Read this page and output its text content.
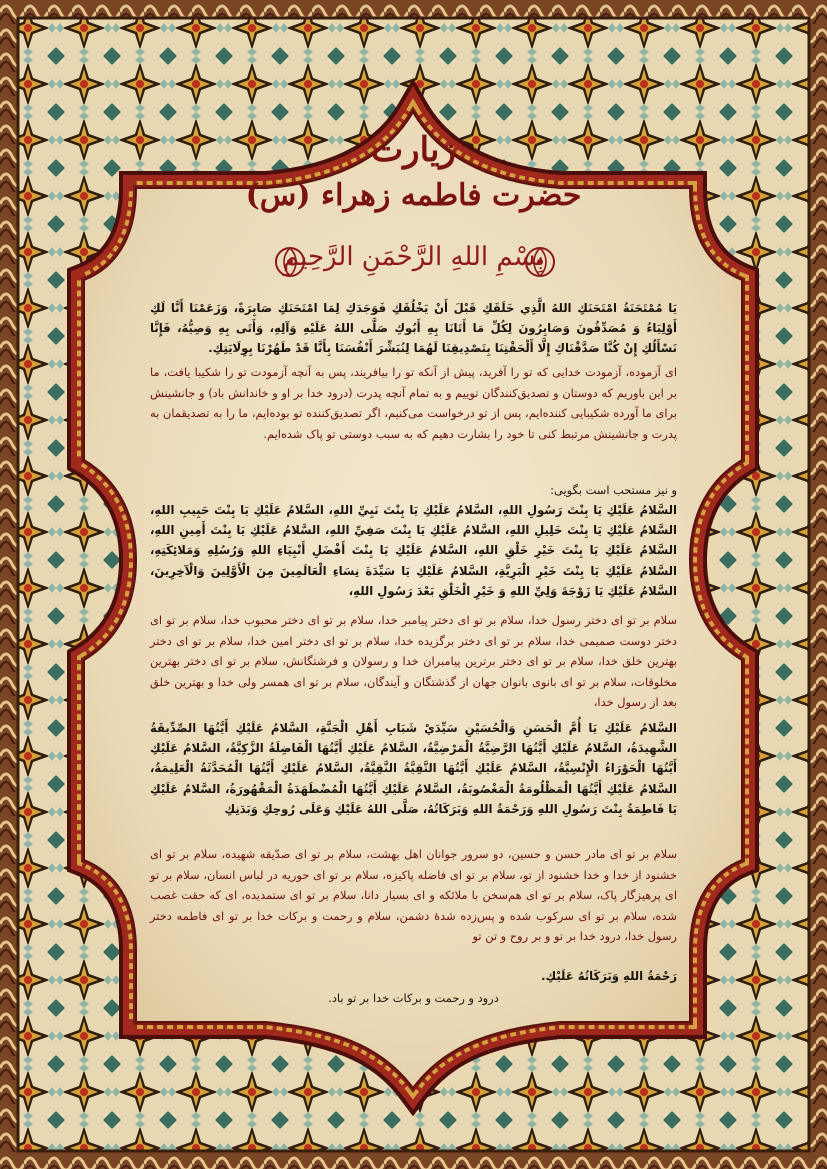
زیارت
حضرت فاطمه زهراء (س)
بِسْمِ اللهِ الرَّحْمَنِ الرَّحِيمِ
يَا مُمْتَحَنَةُ امْتَحَنَكِ اللهُ الَّذِي خَلَقَكِ قَبْلَ أَنْ يَخْلُقَكِ فَوَجَدَكِ لِمَا امْتَحَنَكِ صَابِرَةً، وَزَعَمْنَا أَنَّا لَكِ أَوْلِيَاءُ وَ مُصَدِّقُونَ وَصَابِرُونَ لِكُلِّ مَا أَتَانَا بِهِ أَبُوكِ صَلَّى اللهُ عَلَيْهِ وَآلِهِ، وَأَتَى بِهِ وَصِيُّهُ، فَإِنَّا نَسْأَلُكِ إِنْ كُنَّا صَدَّقْنَاكِ إِلَّا أَلْحَقْتِنَا بِتَصْدِيقِنَا لَهُمَا لِنُبَشِّرَ أَنْفُسَنَا بِأَنَّا قَدْ طَهُرْنَا بِوِلَايَتِكِ.
ای آزموده، آزمودت خدایی که تو را آفرید، پیش از آنکه تو را بیافریند، پس به آنچه آزمودت تو را شکیبا یافت، ما بر این باوریم که دوستان و تصدیق‌کنندگان توییم و به تمام آنچه پدرت (درود خدا بر او و خاندانش باد) و جانشینش برای ما آورده شکیبایی کننده‌ایم، پس از تو درخواست می‌کنیم، اگر تصدیق‌کننده تو بوده‌ایم، ما را به تصدیقمان به پدرت و جانشینش مرتبط کنی تا خود را بشارت دهیم که به سبب دوستی تو پاک شده‌ایم.
و نیز مستحب است بگویی:
السَّلامُ عَلَيْكِ يَا بِنْتَ رَسُولِ اللهِ، السَّلامُ عَلَيْكِ يَا بِنْتَ نَبِيِّ اللهِ، السَّلامُ عَلَيْكِ يَا بِنْتَ حَبِيبِ اللهِ، السَّلامُ عَلَيْكِ يَا بِنْتَ خَلِيلِ اللهِ، السَّلامُ عَلَيْكِ يَا بِنْتَ صَفِيِّ اللهِ، السَّلامُ عَلَيْكِ يَا بِنْتَ أَمِينِ اللهِ، السَّلامُ عَلَيْكِ يَا بِنْتَ خَيْرِ خَلْقِ اللهِ، السَّلامُ عَلَيْكِ يَا بِنْتَ أَفْضَلِ أَنْبِيَاءِ اللهِ وَرُسُلِهِ وَمَلائِكَتِهِ، السَّلامُ عَلَيْكِ يَا بِنْتَ خَيْرِ الْبَرِيَّةِ، السَّلامُ عَلَيْكِ يَا سَيِّدَةَ نِسَاءِ الْعَالَمِينَ مِنَ الْأَوَّلِينَ وَالْآخِرِينَ، السَّلامُ عَلَيْكِ يَا زَوْجَةَ وَلِيِّ اللهِ وَ خَيْرِ الْخَلْقِ بَعْدَ رَسُولِ اللهِ،
سلام بر تو ای دختر رسول خدا، سلام بر تو ای دختر پیامبر خدا، سلام بر تو ای دختر محبوب خدا، سلام بر تو ای دختر دوست صمیمی خدا، سلام بر تو ای دختر برگزیده خدا، سلام بر تو ای دختر امین خدا، سلام بر تو ای دختر بهترین خلق خدا، سلام بر تو ای دختر برترین پیامبران خدا و رسولان و فرشتگانش، سلام بر تو ای دختر بهترین مخلوقات، سلام بر تو ای بانوی بانوان جهان از گذشتگان و آیندگان، سلام بر تو ای همسر ولی خدا و بهترین خلق بعد از رسول خدا،
السَّلامُ عَلَيْكِ يَا أُمَّ الْحَسَنِ وَالْحُسَيْنِ سَيِّدَيْ شَبَابِ أَهْلِ الْجَنَّةِ، السَّلامُ عَلَيْكِ أَيَّتُهَا الصِّدِّيقَةُ الشَّهِيدَةُ، السَّلامُ عَلَيْكِ أَيَّتُهَا الرَّضِيَّةُ الْمَرْضِيَّةُ، السَّلامُ عَلَيْكِ أَيَّتُهَا الْفَاضِلَةُ الزَّكِيَّةُ، السَّلامُ عَلَيْكِ أَيَّتُهَا الْحَوْرَاءُ الْإِنْسِيَّةُ، السَّلامُ عَلَيْكِ أَيَّتُهَا التَّقِيَّةُ النَّقِيَّةُ، السَّلامُ عَلَيْكِ أَيَّتُهَا الْمُحَدَّثَةُ الْعَلِيمَةُ، السَّلامُ عَلَيْكِ أَيَّتُهَا الْمَظْلُومَةُ الْمَغْصُوبَةُ، السَّلامُ عَلَيْكِ أَيَّتُهَا الْمُضْطَهَدَةُ الْمَقْهُورَةُ، السَّلامُ عَلَيْكِ يَا فَاطِمَةُ بِنْتَ رَسُولِ اللهِ وَرَحْمَةُ اللهِ وَبَرَكَاتُهُ، صَلَّى اللهُ عَلَيْكِ وَعَلَى رُوحِكِ وَبَدَنِكِ
سلام بر تو ای مادر حسن و حسین، دو سرور جوانان اهل بهشت، سلام بر تو ای صدّیقه شهیده، سلام بر تو ای خشنود از خدا و خدا خشنود از تو، سلام بر تو ای فاضله پاکیزه، سلام بر تو ای حوریه در لباس انسان، سلام بر تو ای پرهیزگار پاک، سلام بر تو ای هم‌سخن با ملائکه و ای بسیار دانا، سلام بر تو ای ستمدیده، ای که حقت غصب شده، سلام بر تو ای سرکوب شده و پس‌زده شدهٔ دشمن، سلام و رحمت و برکات خدا بر تو ای فاطمه دختر رسول خدا، درود خدا بر تو و بر روح و تن تو
رَحْمَةُ اللهِ وَبَرَكَاتُهُ عَلَيْكِ.
درود و رحمت و برکات خدا بر تو باد.
